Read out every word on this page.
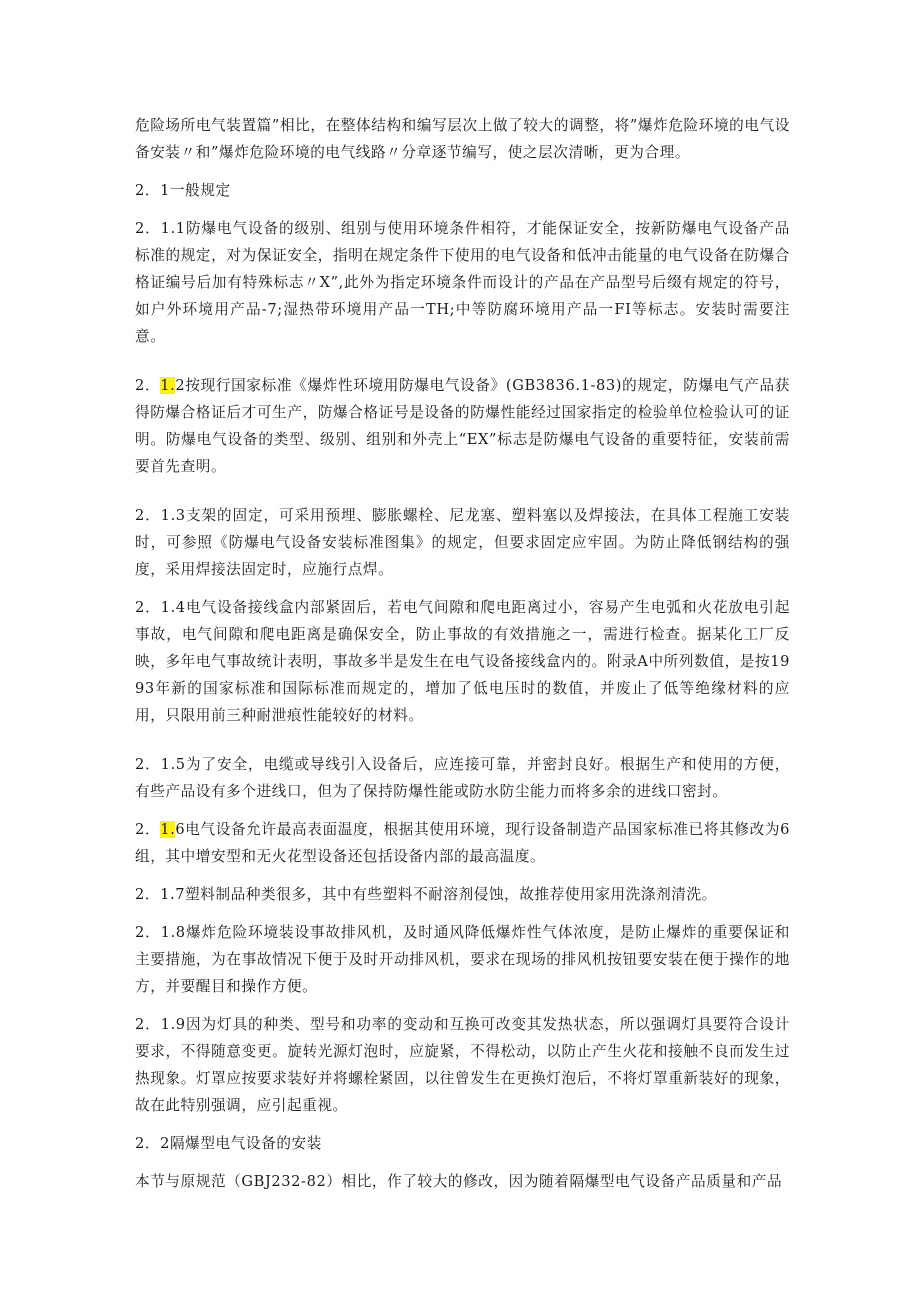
危险场所电气装置篇”相比，在整体结构和编写层次上做了较大的调整，将”爆炸危险环境的电气设备安装〃和”爆炸危险环境的电气线路〃分章逐节编写，使之层次清晰，更为合理。

2．1一般规定

2．1.1防爆电气设备的级别、组别与使用环境条件相符，才能保证安全，按新防爆电气设备产品标准的规定，对为保证安全，指明在规定条件下使用的电气设备和低冲击能量的电气设备在防爆合格证编号后加有特殊标志〃X”,此外为指定环境条件而设计的产品在产品型号后缀有规定的符号，如户外环境用产品-7;湿热带环境用产品一TH;中等防腐环境用产品一FI等标志。安装时需要注意。

2．1.2按现行国家标准《爆炸性环境用防爆电气设备》(GB3836.1-83)的规定，防爆电气产品获得防爆合格证后才可生产，防爆合格证号是设备的防爆性能经过国家指定的检验单位检验认可的证明。防爆电气设备的类型、级别、组别和外壳上“EX”标志是防爆电气设备的重要特征，安装前需要首先查明。

2．1.3支架的固定，可采用预埋、膨胀螺栓、尼龙塞、塑料塞以及焊接法，在具体工程施工安装时，可参照《防爆电气设备安装标准图集》的规定，但要求固定应牢固。为防止降低钢结构的强度，采用焊接法固定时，应施行点焊。

2．1.4电气设备接线盒内部紧固后，若电气间隙和爬电距离过小，容易产生电弧和火花放电引起事故，电气间隙和爬电距离是确保安全，防止事故的有效措施之一，需进行检查。据某化工厂反映，多年电气事故统计表明，事故多半是发生在电气设备接线盒内的。附录A中所列数值，是按1993年新的国家标准和国际标准而规定的，增加了低电压时的数值，并废止了低等绝缘材料的应用，只限用前三种耐泄痕性能较好的材料。

2．1.5为了安全，电缆或导线引入设备后，应连接可靠，并密封良好。根据生产和使用的方便，有些产品设有多个进线口，但为了保持防爆性能或防水防尘能力而将多余的进线口密封。

2．1.6电气设备允许最高表面温度，根据其使用环境，现行设备制造产品国家标准已将其修改为6组，其中增安型和无火花型设备还包括设备内部的最高温度。

2．1.7塑料制品种类很多，其中有些塑料不耐溶剂侵蚀，故推荐使用家用洗涤剂清洗。

2．1.8爆炸危险环境装设事故排风机，及时通风降低爆炸性气体浓度，是防止爆炸的重要保证和主要措施，为在事故情况下便于及时开动排风机，要求在现场的排风机按钮要安装在便于操作的地方，并要醒目和操作方便。

2．1.9因为灯具的种类、型号和功率的变动和互换可改变其发热状态，所以强调灯具要符合设计要求，不得随意变更。旋转光源灯泡时，应旋紧，不得松动，以防止产生火花和接触不良而发生过热现象。灯罩应按要求装好并将螺栓紧固，以往曾发生在更换灯泡后，不将灯罩重新装好的现象，故在此特别强调，应引起重视。

2．2隔爆型电气设备的安装

本节与原规范（GBJ232-82）相比，作了较大的修改，因为随着隔爆型电气设备产品质量和产品
